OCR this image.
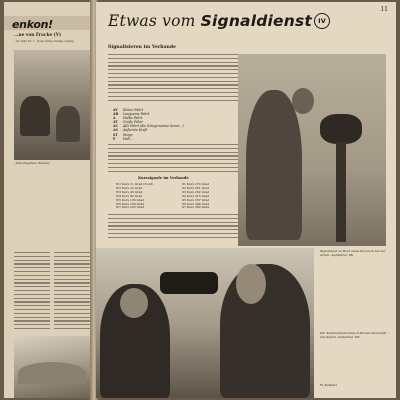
enkon!
...ne von Fracke (V)
...lin 1941 Nr. 1 · Neue Armee Verlag, Leipzig
...Hans Hagemann, Hamburg
11
Etwas vom Signaldienst IV
Signalisieren im Verbande
AV Kleine Fahrt
AB Langsame Fahrt
A Halbe Fahrt
AT Große Fahrt
AC Alle Fahrt (die Kriegsmarine kennt...)
AS Äußerste Kraft
ST Stopp
P Halt ...
Kurssignale im Verbande
W1 Kurs 11 Grad (Nord)
W2 Kurs 22 Grad
W3 Kurs 45 Grad
W4 Kurs 90 Grad
W5 Kurs 135 Grad
W6 Kurs 180 Grad
W7 Kurs 225 Grad
S1 Kurs 270 Grad
S2 Kurs 281 Grad
S3 Kurs 292 Grad
S4 Kurs 315 Grad
S5 Kurs 337 Grad
S6 Kurs 348 Grad
S7 Kurs 360 Grad
Signalmaat an Bord eines Kreuzers bei der Arbeit. Aufnahme: PK.
Der Kommandant eines U-Bootes überprüft ... das Signal. Aufnahme: PK.
W. Kuhnert
